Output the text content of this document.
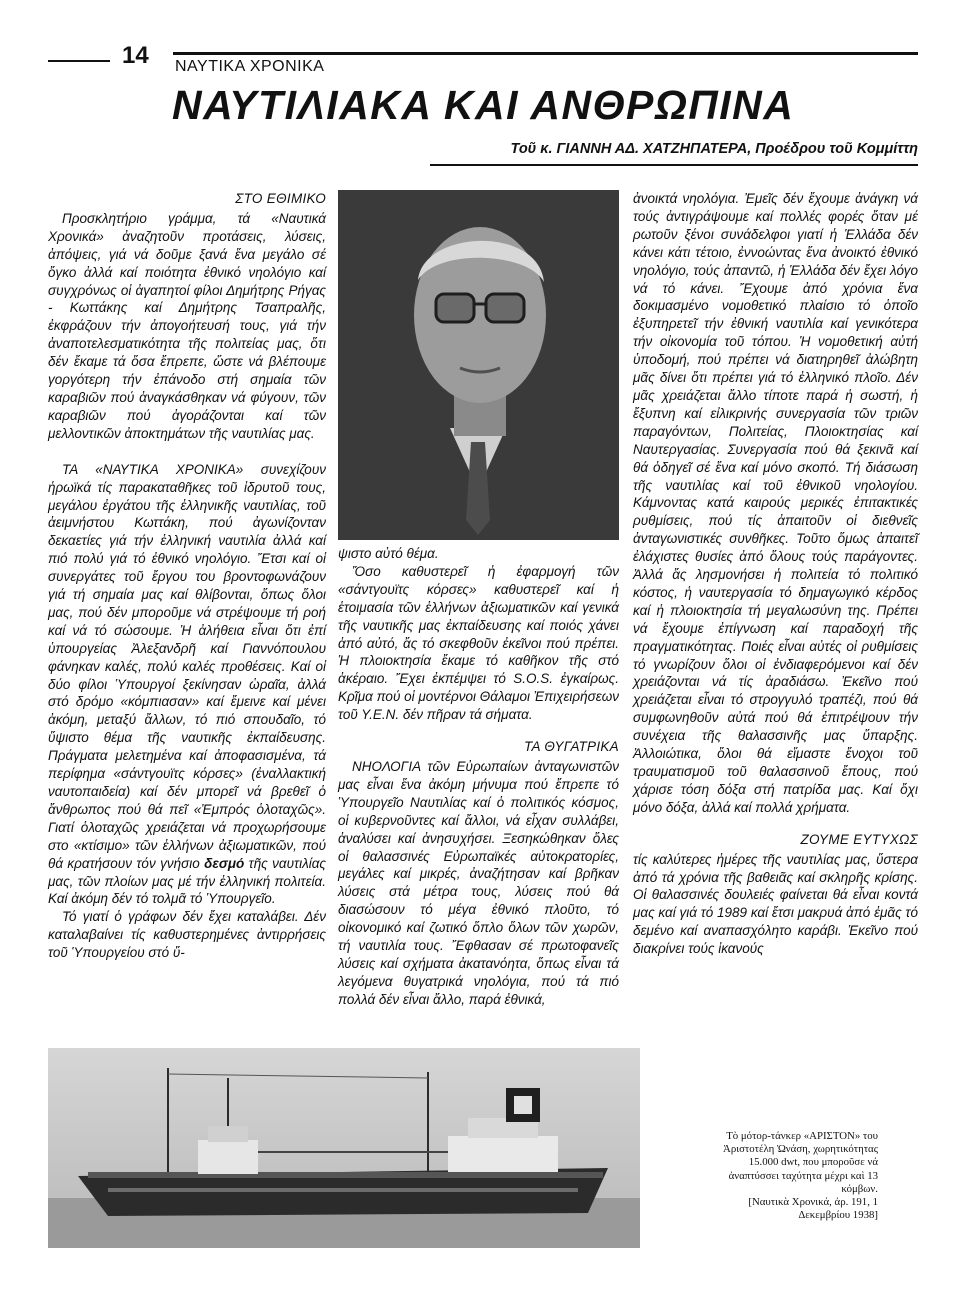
14 ΝΑΥΤΙΚΑ ΧΡΟΝΙΚΑ
ΝΑΥΤΙΛΙΑΚΑ ΚΑΙ ΑΝΘΡΩΠΙΝΑ
Τοῦ κ. ΓΙΑΝΝΗ ΑΔ. ΧΑΤΖΗΠΑΤΕΡΑ, Προέδρου τοῦ Κομμίττη
ΣΤΟ ΕΘΙΜΙΚΟ

Προσκλητήριο γράμμα, τά «Ναυτικά Χρονικά» ἀναζητοῦν προτάσεις, λύσεις, ἀπόψεις, γιά νά δοῦμε ξανά ἕνα μεγάλο σέ ὄγκο ἀλλά καί ποιότητα ἐθνικό νηολόγιο καί συγχρόνως οἱ ἀγαπητοί φίλοι Δημήτρης Ρήγας - Κωττάκης καί Δημήτρης Τσαπραλῆς, ἐκφράζουν τήν ἀπογοήτευσή τους, γιά τήν ἀναποτελεσματικότητα τῆς πολιτείας μας, ὅτι δέν ἔκαμε τά ὅσα ἔπρεπε, ὥστε νά βλέπουμε γοργότερη τήν ἐπάνοδο στή σημαία τῶν καραβιῶν πού ἀναγκάσθηκαν νά φύγουν, τῶν καραβιῶν πού ἀγοράζονται καί τῶν μελλοντικῶν ἀποκτημάτων τῆς ναυτιλίας μας.

ΤΑ «ΝΑΥΤΙΚΑ ΧΡΟΝΙΚΑ» συνεχίζουν ἡρωϊκά τίς παρακαταθῆκες τοῦ ἱδρυτοῦ τους, μεγάλου ἐργάτου τῆς ἑλληνικῆς ναυτιλίας, τοῦ ἀειμνήστου Κωττάκη, πού ἀγωνίζονταν δεκαετίες γιά τήν ἑλληνική ναυτιλία ἀλλά καί πιό πολύ γιά τό ἐθνικό νηολόγιο. Ἔτσι καί οἱ συνεργάτες τοῦ ἔργου του βροντοφωνάζουν γιά τή σημαία μας καί θλίβονται, ὅπως ὅλοι μας, πού δέν μποροῦμε νά στρέψουμε τή ροή καί νά τό σώσουμε. Ἡ ἀλήθεια εἶναι ὅτι ἐπί ὑπουργείας Ἀλεξανδρῆ καί Γιαννόπουλου φάνηκαν καλές, πολύ καλές προθέσεις. Καί οἱ δύο φίλοι Ὑπουργοί ξεκίνησαν ὡραῖα, ἀλλά στό δρόμο «κόμπιασαν» καί ἔμεινε καί μένει ἀκόμη, μεταξύ ἄλλων, τό πιό σπουδαῖο, τό ὕψιστο θέμα τῆς ναυτικῆς ἐκπαίδευσης. Πράγματα μελετημένα καί ἀποφασισμένα, τά περίφημα «σάντγουϊτς κόρσες» (ἐναλλακτική ναυτοπαιδεία) καί δέν μπορεῖ νά βρεθεῖ ὁ ἄνθρωπος πού θά πεῖ «Ἐμπρός ὁλοταχῶς». Γιατί ὁλοταχῶς χρειάζεται νά προχωρήσουμε στο «κτίσιμο» τῶν ἑλλήνων ἀξιωματικῶν, πού θά κρατήσουν τόν γνήσιο δεσμό τῆς ναυτιλίας μας, τῶν πλοίων μας μέ τήν ἑλληνική πολιτεία. Καί ἀκόμη δέν τό τολμᾶ τό Ὑπουργεῖο.

Τό γιατί ὁ γράφων δέν ἔχει καταλάβει. Δέν καταλαβαίνει τίς καθυστερημένες ἀντιρρήσεις τοῦ Ὑπουργείου στό ὕ-

ψιστο αὐτό θέμα.

Ὅσο καθυστερεῖ ἡ ἐφαρμογή τῶν «σάντγουϊτς κόρσες» καθυστερεῖ καί ἡ ἑτοιμασία τῶν ἑλλήνων ἀξιωματικῶν καί γενικά τῆς ναυτικῆς μας ἐκπαίδευσης καί ποιός χάνει ἀπό αὐτό, ἄς τό σκεφθοῦν ἐκεῖνοι πού πρέπει. Ἡ πλοιοκτησία ἔκαμε τό καθῆκον τῆς στό ἀκέραιο. Ἔχει ἐκπέμψει τό S.O.S. ἐγκαίρως. Κρῖμα πού οἱ μοντέρνοι Θάλαμοι Ἐπιχειρήσεων τοῦ Υ.Ε.Ν. δέν πῆραν τά σήματα.

ΤΑ ΘΥΓΑΤΡΙΚΑ

ΝΗΟΛΟΓΙΑ τῶν Εὐρωπαίων ἀνταγωνιστῶν μας εἶναι ἕνα ἀκόμη μήνυμα πού ἔπρεπε τό Ὑπουργεῖο Ναυτιλίας καί ὁ πολιτικός κόσμος, οἱ κυβερνοῦντες καί ἄλλοι, νά εἶχαν συλλάβει, ἀναλύσει καί ἀνησυχήσει. Ξεσηκώθηκαν ὅλες οἱ θαλασσινές Εὐρωπαϊκές αὐτοκρατορίες, μεγάλες καί μικρές, ἀναζήτησαν καί βρῆκαν λύσεις στά μέτρα τους, λύσεις πού θά διασώσουν τό μέγα ἐθνικό πλοῦτο, τό οἰκονομικό καί ζωτικό ὅπλο ὅλων τῶν χωρῶν, τή ναυτιλία τους. Ἔφθασαν σέ πρωτοφανεῖς λύσεις καί σχήματα ἀκατανόητα, ὅπως εἶναι τά λεγόμενα θυγατρικά νηολόγια, πού τά πιό πολλά δέν εἶναι ἄλλο, παρά ἐθνικά,

ἀνοικτά νηολόγια. Ἐμεῖς δέν ἔχουμε ἀνάγκη νά τούς ἀντιγράψουμε καί πολλές φορές ὅταν μέ ρωτοῦν ξένοι συνάδελφοι γιατί ἡ Ἑλλάδα δέν κάνει κάτι τέτοιο, ἐννοώντας ἕνα ἀνοικτό ἐθνικό νηολόγιο, τούς ἀπαντῶ, ἡ Ἑλλάδα δέν ἔχει λόγο νά τό κάνει. Ἔχουμε ἀπό χρόνια ἕνα δοκιμασμένο νομοθετικό πλαίσιο τό ὁποῖο ἐξυπηρετεῖ τήν ἐθνική ναυτιλία καί γενικότερα τήν οἰκονομία τοῦ τόπου. Ἡ νομοθετική αὐτή ὑποδομή, πού πρέπει νά διατηρηθεῖ ἀλώβητη μᾶς δίνει ὅτι πρέπει γιά τό ἑλληνικό πλοῖο. Δέν μᾶς χρειάζεται ἄλλο τίποτε παρά ἡ σωστή, ἡ ἔξυπνη καί εἰλικρινής συνεργασία τῶν τριῶν παραγόντων, Πολιτείας, Πλοιοκτησίας καί Ναυτεργασίας. Συνεργασία πού θά ξεκινᾶ καί θά ὁδηγεῖ σέ ἕνα καί μόνο σκοπό. Τή διάσωση τῆς ναυτιλίας καί τοῦ ἐθνικοῦ νηολογίου. Κάμνοντας κατά καιρούς μερικές ἐπιτακτικές ρυθμίσεις, πού τίς ἀπαιτοῦν οἱ διεθνεῖς ἀνταγωνιστικές συνθῆκες. Τοῦτο ὅμως ἀπαιτεῖ ἐλάχιστες θυσίες ἀπό ὅλους τούς παράγοντες. Ἀλλά ἄς λησμονήσει ἡ πολιτεία τό πολιτικό κόστος, ἡ ναυτεργασία τό δημαγωγικό κέρδος καί ἡ πλοιοκτησία τή μεγαλωσύνη της. Πρέπει νά ἔχουμε ἐπίγνωση καί παραδοχή τῆς πραγματικότητας. Ποιές εἶναι αὐτές οἱ ρυθμίσεις τό γνωρίζουν ὅλοι οἱ ἐνδιαφερόμενοι καί δέν χρειάζονται νά τίς ἀραδιάσω. Ἐκεῖνο πού χρειάζεται εἶναι τό στρογγυλό τραπέζι, πού θά συμφωνηθοῦν αὐτά πού θά ἐπιτρέψουν τήν συνέχεια τῆς θαλασσινῆς μας ὕπαρξης. Ἀλλοιώτικα, ὅλοι θά εἴμαστε ἔνοχοι τοῦ τραυματισμοῦ τοῦ θαλασσινοῦ ἔπους, πού χάρισε τόση δόξα στή πατρίδα μας. Καί ὄχι μόνο δόξα, ἀλλά καί πολλά χρήματα.

ΖΟΥΜΕ ΕΥΤΥΧΩΣ

τίς καλύτερες ἡμέρες τῆς ναυτιλίας μας, ὕστερα ἀπό τά χρόνια τῆς βαθειᾶς καί σκληρῆς κρίσης. Οἱ θαλασσινές δουλειές φαίνεται θά εἶναι κοντά μας καί γιά τό 1989 καί ἔτσι μακρυά ἀπό ἐμᾶς τό δεμένο καί αναπασχόλητο καράβι. Ἐκεῖνο πού διακρίνει τούς ἱκανούς

Τὸ μότορ-τάνκερ «ΑΡΙΣΤΟΝ» του
Ἀριστοτέλη Ὠνάση, χωρητικότητας
15.000 dwt, που μποροῦσε νά
ἀναπτύσσει ταχύτητα μέχρι καὶ 13
κόμβων.
[Ναυτικὰ Χρονικά, ἀρ. 191, 1
Δεκεμβρίου 1938]
